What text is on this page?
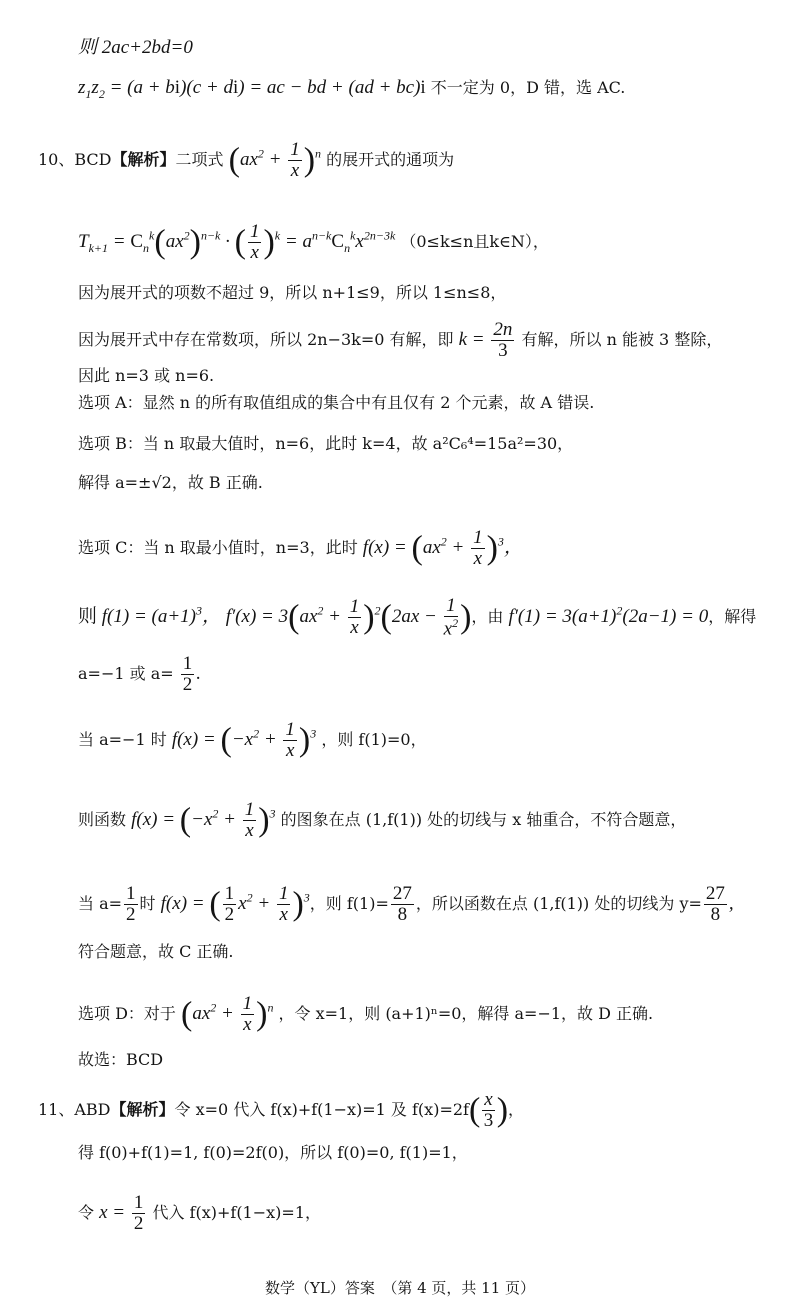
则 2ac+2bd=0
$z_1z_2 = (a + bi)(c + di)$ = ac − bd + (ad + bc)i 不一定为 0，D 错，选 AC.
10、BCD【解析】二项式 $(ax^2 + \frac{1}{x} )^n$ 的展开式的通项为
$T_{k+1} = C_n^k(ax^2)^{n-k}$ · ( $\frac{1}{x} )^k = a^{n-k}C_n^kx^{2n-3k}$ （0≤k≤n且k∈N），
因为展开式的项数不超过 9，所以 n+1≤9，所以 1≤n≤8，
因为展开式中存在常数项，所以 2n−3k=0 有解，即 $k = \frac{2n}{3}$ 有解，所以 n 能被 3 整除，
因此 n=3 或 n=6.
选项 A：显然 n 的所有取值组成的集合中有且仅有 2 个元素，故 A 错误.
选项 B：当 n 取最大值时，n=6，此时 k=4，故 a²C₆⁴=15a²=30，
解得 a=±√2，故 B 正确.
选项 C：当 n 取最小值时，n=3，此时 $f(x) = (ax^2 + \frac{1}{x} )^3$，
则 $f(1) = (a+1)^3$， $f'(x) = 3(ax^2 + \frac{1}{x} )^2(2ax - \frac{1}{x^2}$ )，由 $f'(1) = 3(a+1)^2(2a-1) = 0$，解得
a=−1 或 $a= \frac{1}{2}$ .
当 a=−1 时 $f(x) = (-x^2 + \frac{1}{x} )^3$ ，则 f(1)=0，
则函数 $f(x) = (-x^2 + \frac{1}{x} )^3$ 的图象在点 (1,f(1)) 处的切线与 x 轴重合，不符合题意，
当 $a= \frac{1}{2}$ 时 f(x) = ( $\frac{1}{2} x^2 + \frac{1}{x} )^3$，则 $f(1)= \frac{27}{8}$ ，所以函数在点 (1,f(1)) 处的切线为 $y= \frac{27}{8}$ ,
符合题意，故 C 正确.
选项 D：对于 $(ax^2 + \frac{1}{x} )^n$ ，令 x=1，则 (a+1)ⁿ=0，解得 a=−1，故 D 正确.
故选：BCD
11、ABD【解析】令 x=0 代入 f(x)+f(1−x)=1 及 $f(x)=2f( \frac{x}{3}$ )，
得 f(0)+f(1)=1, f(0)=2f(0)，所以 f(0)=0, f(1)=1，
令 $x = \frac{1}{2}$ 代入 f(x)+f(1−x)=1，
数学（YL）答案　（第 4 页，共 11 页）
